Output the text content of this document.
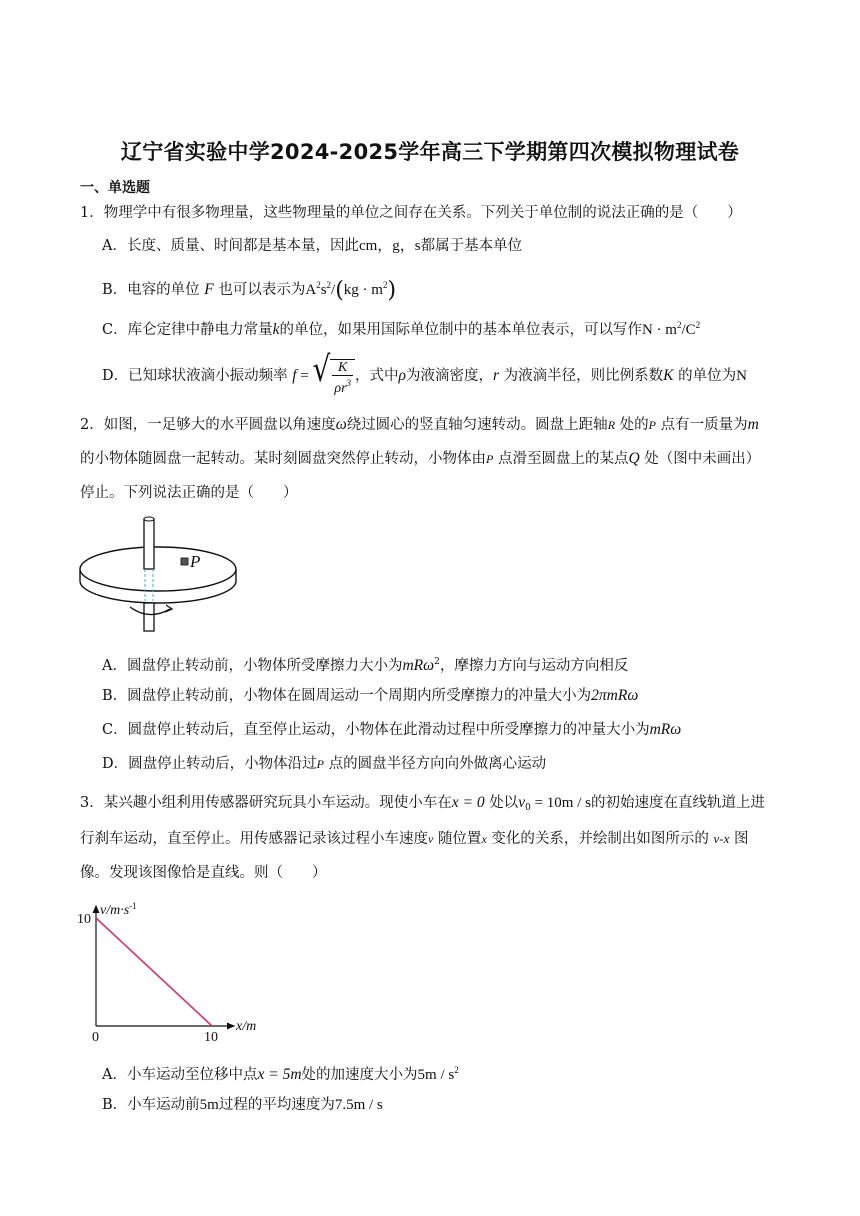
辽宁省实验中学2024-2025学年高三下学期第四次模拟物理试卷
一、单选题
1．物理学中有很多物理量，这些物理量的单位之间存在关系。下列关于单位制的说法正确的是（　　）
A．长度、质量、时间都是基本量，因此cm，g，s都属于基本单位
B．电容的单位 F 也可以表示为$A^2s^2/(kg \cdot m^2)$
C．库仑定律中静电力常量k的单位，如果用国际单位制中的基本单位表示，可以写作$N \cdot m^2/C^2$
D．已知球状液滴小振动频率 f = √ $\frac{K}{\rho r^3}$ ，式中ρ为液滴密度，r 为液滴半径，则比例系数K 的单位为N
2．如图，一足够大的水平圆盘以角速度ω绕过圆心的竖直轴匀速转动。圆盘上距轴R 处的P 点有一质量为m
的小物体随圆盘一起转动。某时刻圆盘突然停止转动，小物体由P 点滑至圆盘上的某点Q 处（图中未画出）
停止。下列说法正确的是（　　）
P
A．圆盘停止转动前，小物体所受摩擦力大小为mRω$^2$，摩擦力方向与运动方向相反
B．圆盘停止转动前，小物体在圆周运动一个周期内所受摩擦力的冲量大小为2πmRω
C．圆盘停止转动后，直至停止运动，小物体在此滑动过程中所受摩擦力的冲量大小为mRω
D．圆盘停止转动后，小物体沿过P 点的圆盘半径方向向外做离心运动
3．某兴趣小组利用传感器研究玩具小车运动。现使小车在x = 0 处以$v_0 = 10m / s$的初始速度在直线轨道上进
行刹车运动，直至停止。用传感器记录该过程小车速度v 随位置x 变化的关系，并绘制出如图所示的 v-x 图
像。发现该图像恰是直线。则（　　）
$v/m\cdot s^{-1}$
x/m
0	10
10
A．小车运动至位移中点x = 5m处的加速度大小为$5m / s^2$
B．小车运动前5m过程的平均速度为7.5m / s
